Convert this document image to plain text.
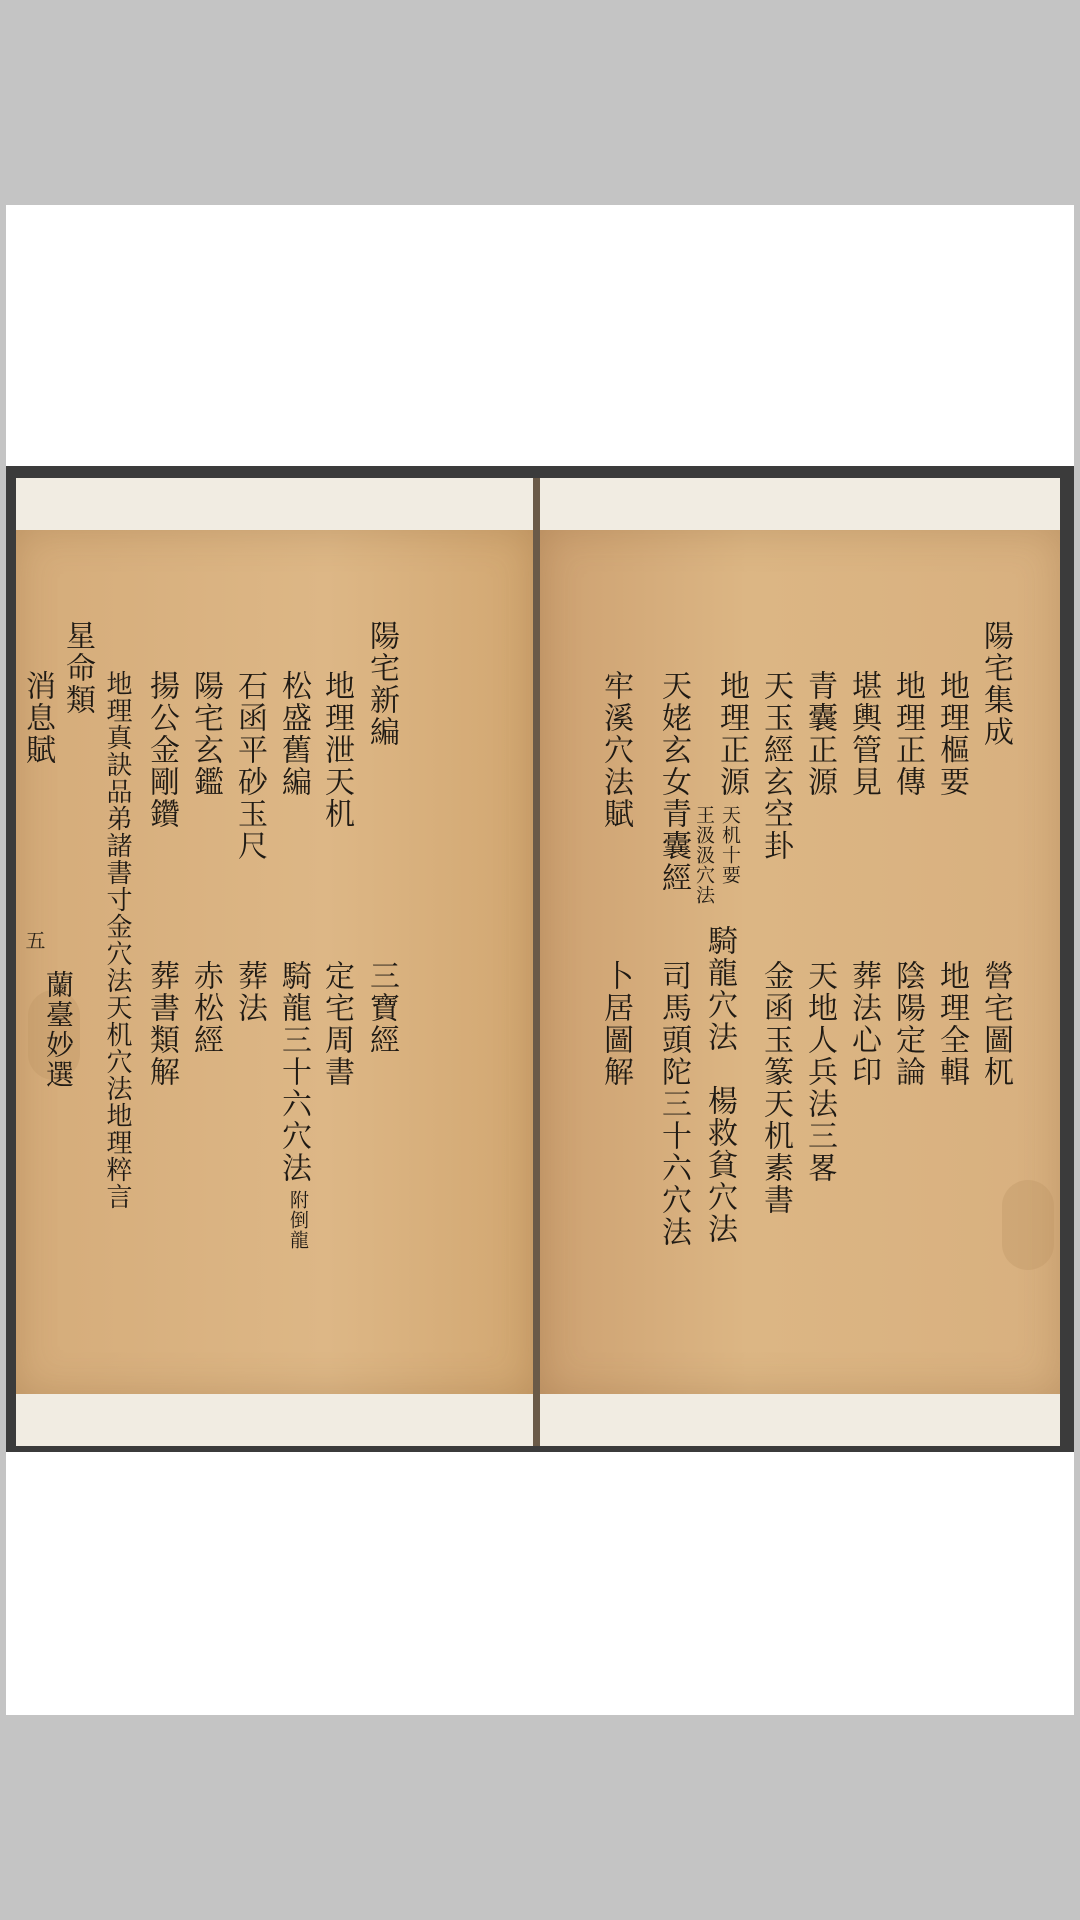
陽宅新編
地理泄天机
松盛舊編
石函平砂玉尺
陽宅玄鑑
揚公金剛鑽
地理真訣品弟諸書寸金穴法天机穴法地理粹言
星命類
消息賦
三寶經
定宅周書
騎龍三十六穴法
附倒龍
葬法
赤松經
葬書類解
五
蘭臺妙選
陽宅集成
地理樞要
地理正傳
堪輿管見
青囊正源
天玉經玄空卦
地理正源
天机十要
王汲汲穴法
天姥玄女青囊經
牢溪穴法賦
營宅圖杌
地理全輯
陰陽定論
葬法心印
天地人兵法三畧
金函玉篆天机素書
騎龍穴法　楊救貧穴法
司馬頭陀三十六穴法
卜居圖解
